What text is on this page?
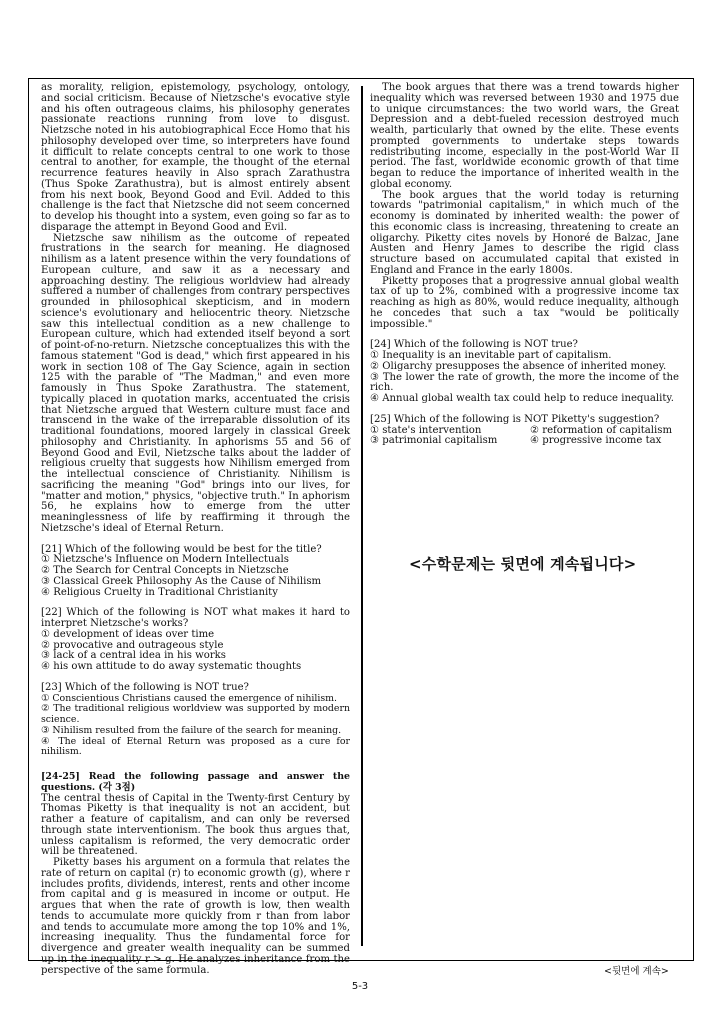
as morality, religion, epistemology, psychology, ontology, and social criticism. Because of Nietzsche's evocative style and his often outrageous claims, his philosophy generates passionate reactions running from love to disgust. Nietzsche noted in his autobiographical Ecce Homo that his philosophy developed over time, so interpreters have found it difficult to relate concepts central to one work to those central to another, for example, the thought of the eternal recurrence features heavily in Also sprach Zarathustra (Thus Spoke Zarathustra), but is almost entirely absent from his next book, Beyond Good and Evil. Added to this challenge is the fact that Nietzsche did not seem concerned to develop his thought into a system, even going so far as to disparage the attempt in Beyond Good and Evil.

Nietzsche saw nihilism as the outcome of repeated frustrations in the search for meaning. He diagnosed nihilism as a latent presence within the very foundations of European culture, and saw it as a necessary and approaching destiny. The religious worldview had already suffered a number of challenges from contrary perspectives grounded in philosophical skepticism, and in modern science's evolutionary and heliocentric theory. Nietzsche saw this intellectual condition as a new challenge to European culture, which had extended itself beyond a sort of point-of-no-return. Nietzsche conceptualizes this with the famous statement "God is dead," which first appeared in his work in section 108 of The Gay Science, again in section 125 with the parable of "The Madman," and even more famously in Thus Spoke Zarathustra. The statement, typically placed in quotation marks, accentuated the crisis that Nietzsche argued that Western culture must face and transcend in the wake of the irreparable dissolution of its traditional foundations, moored largely in classical Greek philosophy and Christianity. In aphorisms 55 and 56 of Beyond Good and Evil, Nietzsche talks about the ladder of religious cruelty that suggests how Nihilism emerged from the intellectual conscience of Christianity. Nihilism is sacrificing the meaning "God" brings into our lives, for "matter and motion," physics, "objective truth." In aphorism 56, he explains how to emerge from the utter meaninglessness of life by reaffirming it through the Nietzsche's ideal of Eternal Return.

[21] Which of the following would be best for the title?

① Nietzsche's Influence on Modern Intellectuals
② The Search for Central Concepts in Nietzsche
③ Classical Greek Philosophy As the Cause of Nihilism
④ Religious Cruelty in Traditional Christianity

[22] Which of the following is NOT what makes it hard to interpret Nietzsche's works?

① development of ideas over time
② provocative and outrageous style
③ lack of a central idea in his works
④ his own attitude to do away systematic thoughts

[23] Which of the following is NOT true?

① Conscientious Christians caused the emergence of nihilism.
② The traditional religious worldview was supported by modern science.
③ Nihilism resulted from the failure of the search for meaning.
④ The ideal of Eternal Return was proposed as a cure for nihilism.

[24-25] Read the following passage and answer the questions. (각 3점)

The central thesis of Capital in the Twenty-first Century by Thomas Piketty is that inequality is not an accident, but rather a feature of capitalism, and can only be reversed through state interventionism. The book thus argues that, unless capitalism is reformed, the very democratic order will be threatened.

Piketty bases his argument on a formula that relates the rate of return on capital (r) to economic growth (g), where r includes profits, dividends, interest, rents and other income from capital and g is measured in income or output. He argues that when the rate of growth is low, then wealth tends to accumulate more quickly from r than from labor and tends to accumulate more among the top 10% and 1%, increasing inequality. Thus the fundamental force for divergence and greater wealth inequality can be summed up in the inequality r > g. He analyzes inheritance from the perspective of the same formula.

The book argues that there was a trend towards higher inequality which was reversed between 1930 and 1975 due to unique circumstances: the two world wars, the Great Depression and a debt-fueled recession destroyed much wealth, particularly that owned by the elite. These events prompted governments to undertake steps towards redistributing income, especially in the post-World War II period. The fast, worldwide economic growth of that time began to reduce the importance of inherited wealth in the global economy.

The book argues that the world today is returning towards "patrimonial capitalism," in which much of the economy is dominated by inherited wealth: the power of this economic class is increasing, threatening to create an oligarchy. Piketty cites novels by Honoré de Balzac, Jane Austen and Henry James to describe the rigid class structure based on accumulated capital that existed in England and France in the early 1800s.

Piketty proposes that a progressive annual global wealth tax of up to 2%, combined with a progressive income tax reaching as high as 80%, would reduce inequality, although he concedes that such a tax "would be politically impossible."

[24] Which of the following is NOT true?

① Inequality is an inevitable part of capitalism.
② Oligarchy presupposes the absence of inherited money.
③ The lower the rate of growth, the more the income of the rich.
④ Annual global wealth tax could help to reduce inequality.

[25] Which of the following is NOT Piketty's suggestion?

① state's intervention	② reformation of capitalism
③ patrimonial capitalism	④ progressive income tax
<수학문제는 뒷면에 계속됩니다>
<뒷면에 계속>
5-3
